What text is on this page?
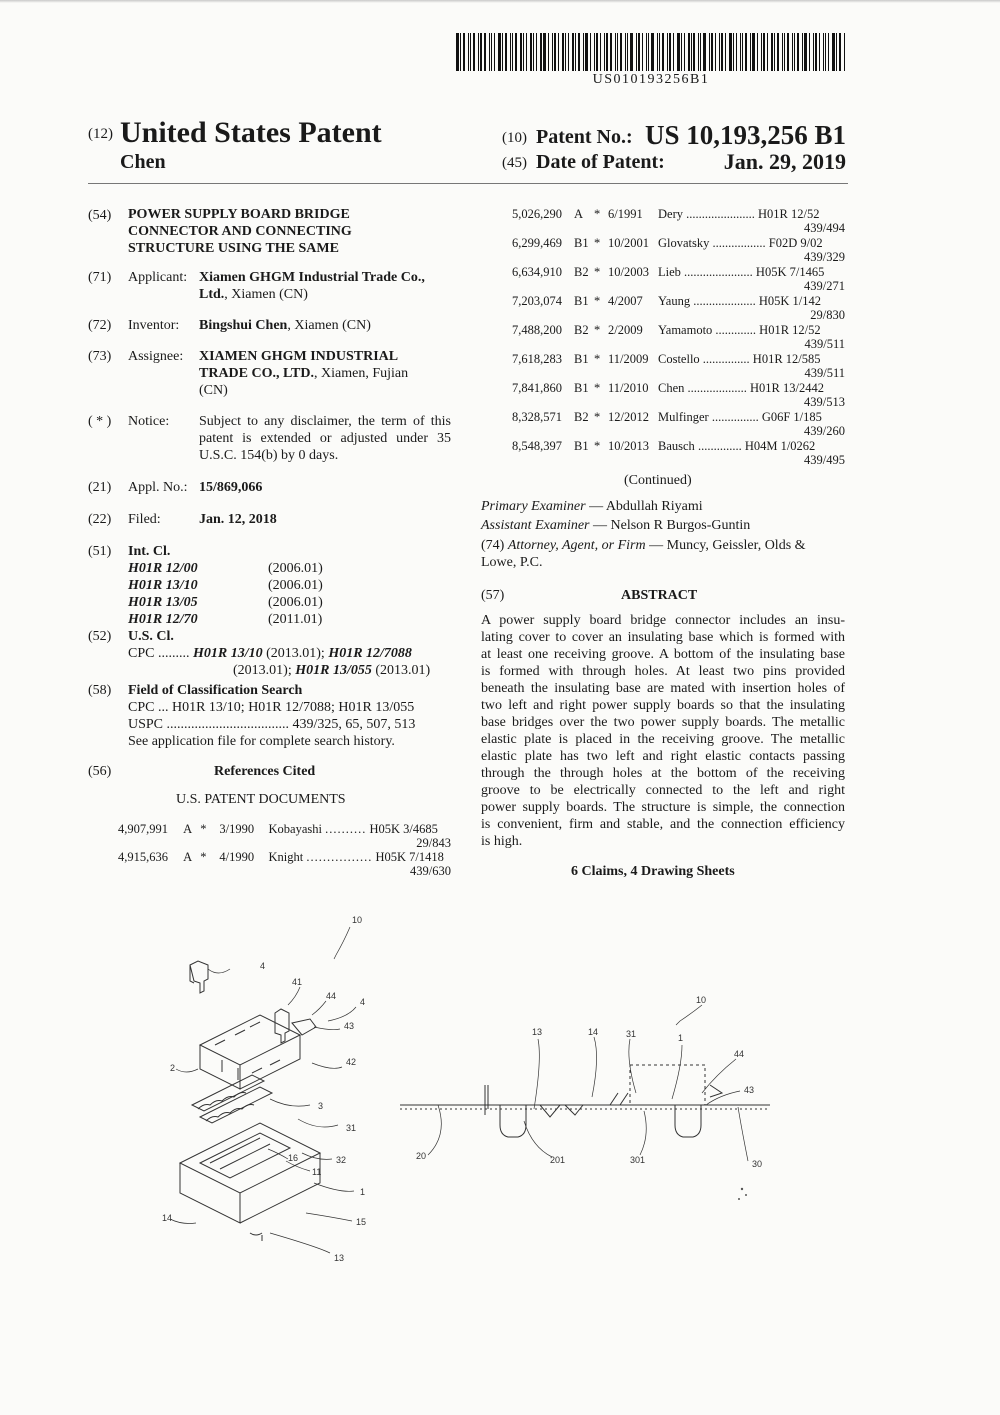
US010193256B1
(12) United States Patent
Chen
(10) Patent No.: US 10,193,256 B1
(45) Date of Patent:	Jan. 29, 2019
(54) POWER SUPPLY BOARD BRIDGE
CONNECTOR AND CONNECTING
STRUCTURE USING THE SAME
(71) Applicant: Xiamen GHGM Industrial Trade Co.,
Ltd., Xiamen (CN)
(72) Inventor: Bingshui Chen, Xiamen (CN)
(73) Assignee: XIAMEN GHGM INDUSTRIAL
TRADE CO., LTD., Xiamen, Fujian
(CN)
( * ) Notice: Subject to any disclaimer, the term of this
patent is extended or adjusted under 35
U.S.C. 154(b) by 0 days.
(21) Appl. No.: 15/869,066
(22) Filed:	Jan. 12, 2018
(51) Int. Cl.
H01R 12/00	(2006.01)
H01R 13/10	(2006.01)
H01R 13/05	(2006.01)
H01R 12/70	(2011.01)
(52) U.S. Cl.
CPC ......... H01R 13/10 (2013.01); H01R 12/7088
(2013.01); H01R 13/055 (2013.01)
(58) Field of Classification Search
CPC ... H01R 13/10; H01R 12/7088; H01R 13/055
USPC ................................... 439/325, 65, 507, 513
See application file for complete search history.
(56)	References Cited
U.S. PATENT DOCUMENTS
4,907,991 A * 3/1990 Kobayashi .......... H05K 3/4685
29/843
4,915,636 A * 4/1990 Knight ................ H05K 7/1418
439/630
5,026,290 A * 6/1991 Dery ...................... H01R 12/52
439/494
6,299,469 B1 * 10/2001 Glovatsky ................. F02D 9/02
439/329
6,634,910 B2 * 10/2003 Lieb ...................... H05K 7/1465
439/271
7,203,074 B1 * 4/2007 Yaung .................... H05K 1/142
29/830
7,488,200 B2 * 2/2009 Yamamoto ............. H01R 12/52
439/511
7,618,283 B1 * 11/2009 Costello ............... H01R 12/585
439/511
7,841,860 B1 * 11/2010 Chen ................... H01R 13/2442
439/513
8,328,571 B2 * 12/2012 Mulfinger ............... G06F 1/185
439/260
8,548,397 B1 * 10/2013 Bausch .............. H04M 1/0262
439/495
(Continued)
Primary Examiner — Abdullah Riyami
Assistant Examiner — Nelson R Burgos-Guntin
(74) Attorney, Agent, or Firm — Muncy, Geissler, Olds &
Lowe, P.C.
(57)	ABSTRACT
A power supply board bridge connector includes an insu-
lating cover to cover an insulating base which is formed with
at least one receiving groove. A bottom of the insulating base
is formed with through holes. At least two pins provided
beneath the insulating base are mated with insertion holes of
two left and right power supply boards so that the insulating
base bridges over the two power supply boards. The metallic
elastic plate is placed in the receiving groove. The metallic
elastic plate has two left and right elastic contacts passing
through the through holes at the bottom of the receiving
groove to be electrically connected to the left and right
power supply boards. The structure is simple, the connection
is convenient, firm and stable, and the connection efficiency
is high.
6 Claims, 4 Drawing Sheets
10
4
41
44
4
43
2
42
3
31
16	32
11
1
14	15
13
10
13	14	31	1
44
43
20	201	301	30
